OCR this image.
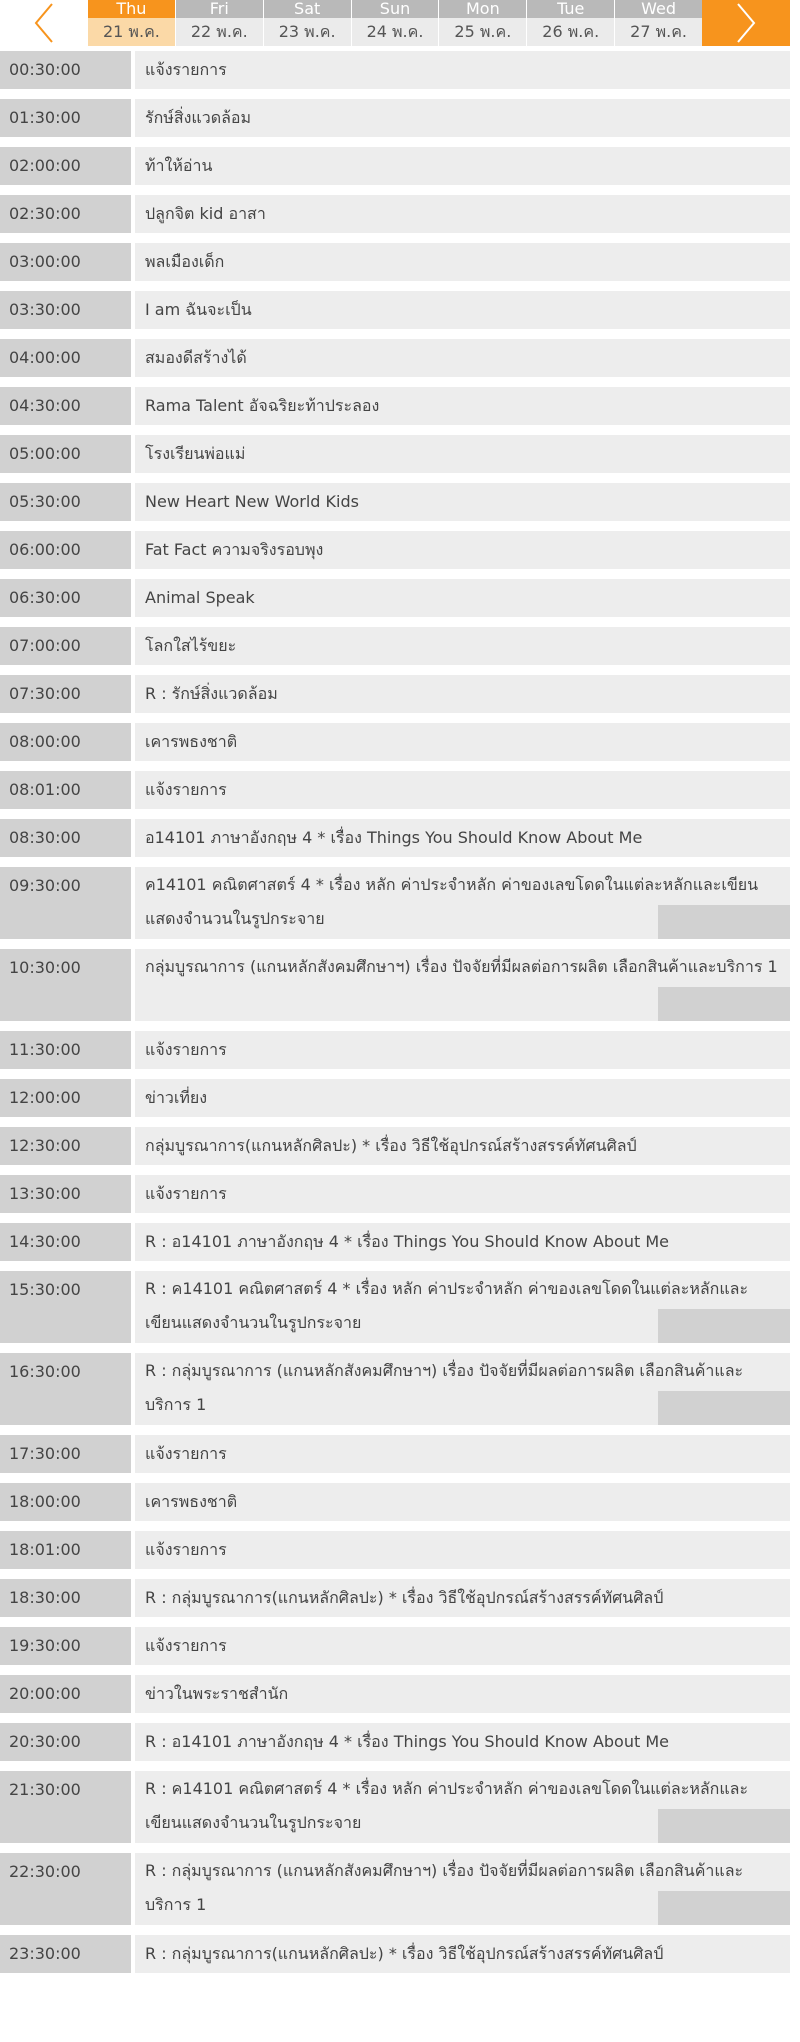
Thu
21 พ.ค.
Fri
22 พ.ค.
Sat
23 พ.ค.
Sun
24 พ.ค.
Mon
25 พ.ค.
Tue
26 พ.ค.
Wed
27 พ.ค.
00:30:00	แจ้งรายการ
01:30:00	รักษ์สิ่งแวดล้อม
02:00:00	ท้าให้อ่าน
02:30:00	ปลูกจิต kid อาสา
03:00:00	พลเมืองเด็ก
03:30:00	I am ฉันจะเป็น
04:00:00	สมองดีสร้างได้
04:30:00	Rama Talent อัจฉริยะท้าประลอง
05:00:00	โรงเรียนพ่อแม่
05:30:00	New Heart New World Kids
06:00:00	Fat Fact ความจริงรอบพุง
06:30:00	Animal Speak
07:00:00	โลกใสไร้ขยะ
07:30:00	R : รักษ์สิ่งแวดล้อม
08:00:00	เคารพธงชาติ
08:01:00	แจ้งรายการ
08:30:00	อ14101 ภาษาอังกฤษ 4 * เรื่อง Things You Should Know About Me
09:30:00	ค14101 คณิตศาสตร์ 4 * เรื่อง หลัก ค่าประจำหลัก ค่าของเลขโดดในแต่ละหลักและเขียนแสดงจำนวนในรูปกระจาย
10:30:00	กลุ่มบูรณาการ (แกนหลักสังคมศึกษาฯ) เรื่อง ปัจจัยที่มีผลต่อการผลิต เลือกสินค้าและบริการ 1
11:30:00	แจ้งรายการ
12:00:00	ข่าวเที่ยง
12:30:00	กลุ่มบูรณาการ(แกนหลักศิลปะ) * เรื่อง วิธีใช้อุปกรณ์สร้างสรรค์ทัศนศิลป์
13:30:00	แจ้งรายการ
14:30:00	R : อ14101 ภาษาอังกฤษ 4 * เรื่อง Things You Should Know About Me
15:30:00	R : ค14101 คณิตศาสตร์ 4 * เรื่อง หลัก ค่าประจำหลัก ค่าของเลขโดดในแต่ละหลักและเขียนแสดงจำนวนในรูปกระจาย
16:30:00	R : กลุ่มบูรณาการ (แกนหลักสังคมศึกษาฯ) เรื่อง ปัจจัยที่มีผลต่อการผลิต เลือกสินค้าและบริการ 1
17:30:00	แจ้งรายการ
18:00:00	เคารพธงชาติ
18:01:00	แจ้งรายการ
18:30:00	R : กลุ่มบูรณาการ(แกนหลักศิลปะ) * เรื่อง วิธีใช้อุปกรณ์สร้างสรรค์ทัศนศิลป์
19:30:00	แจ้งรายการ
20:00:00	ข่าวในพระราชสำนัก
20:30:00	R : อ14101 ภาษาอังกฤษ 4 * เรื่อง Things You Should Know About Me
21:30:00	R : ค14101 คณิตศาสตร์ 4 * เรื่อง หลัก ค่าประจำหลัก ค่าของเลขโดดในแต่ละหลักและเขียนแสดงจำนวนในรูปกระจาย
22:30:00	R : กลุ่มบูรณาการ (แกนหลักสังคมศึกษาฯ) เรื่อง ปัจจัยที่มีผลต่อการผลิต เลือกสินค้าและบริการ 1
23:30:00	R : กลุ่มบูรณาการ(แกนหลักศิลปะ) * เรื่อง วิธีใช้อุปกรณ์สร้างสรรค์ทัศนศิลป์
